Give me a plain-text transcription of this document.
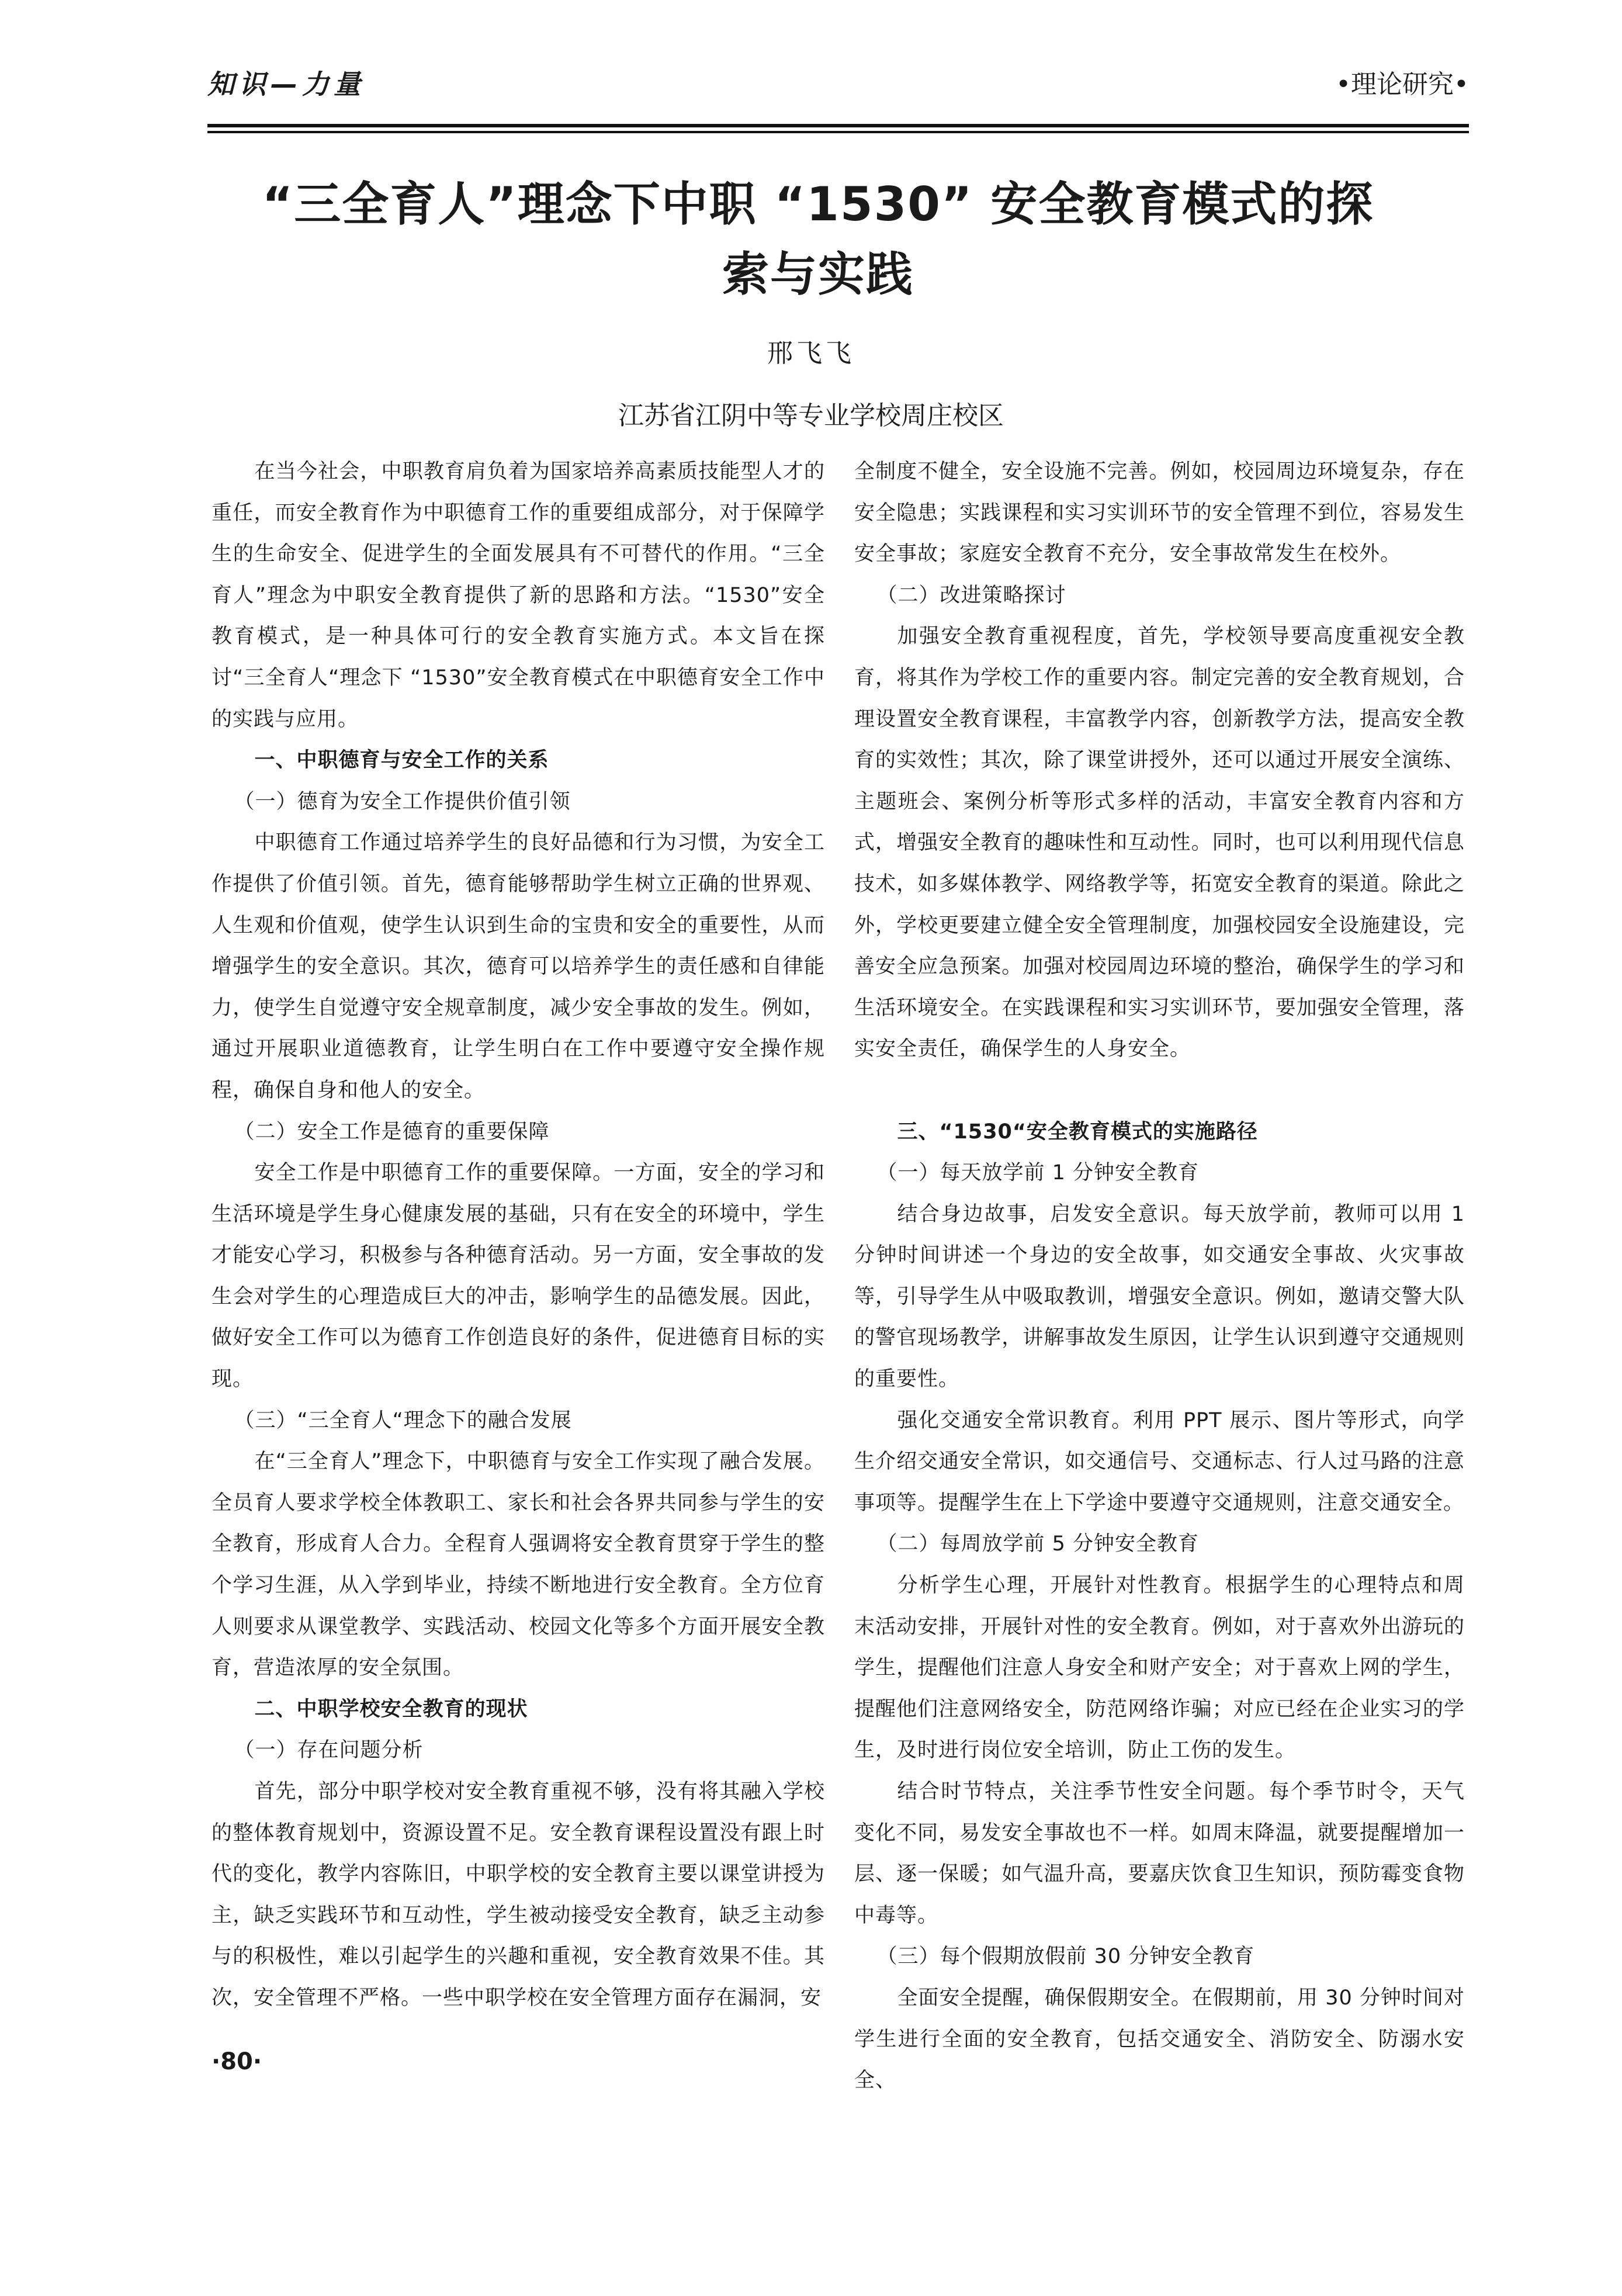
知识—力量	•理论研究•
“三全育人”理念下中职 “1530” 安全教育模式的探
索与实践
邢飞飞
江苏省江阴中等专业学校周庄校区

在当今社会，中职教育肩负着为国家培养高素质技能型人才的重任，而安全教育作为中职德育工作的重要组成部分，对于保障学生的生命安全、促进学生的全面发展具有不可替代的作用。“三全育人”理念为中职安全教育提供了新的思路和方法。“1530”安全教育模式，是一种具体可行的安全教育实施方式。本文旨在探讨“三全育人“理念下 “1530”安全教育模式在中职德育安全工作中的实践与应用。

一、中职德育与安全工作的关系

（一）德育为安全工作提供价值引领

中职德育工作通过培养学生的良好品德和行为习惯，为安全工作提供了价值引领。首先，德育能够帮助学生树立正确的世界观、人生观和价值观，使学生认识到生命的宝贵和安全的重要性，从而增强学生的安全意识。其次，德育可以培养学生的责任感和自律能力，使学生自觉遵守安全规章制度，减少安全事故的发生。例如，通过开展职业道德教育，让学生明白在工作中要遵守安全操作规程，确保自身和他人的安全。

（二）安全工作是德育的重要保障

安全工作是中职德育工作的重要保障。一方面，安全的学习和生活环境是学生身心健康发展的基础，只有在安全的环境中，学生才能安心学习，积极参与各种德育活动。另一方面，安全事故的发生会对学生的心理造成巨大的冲击，影响学生的品德发展。因此，做好安全工作可以为德育工作创造良好的条件，促进德育目标的实现。

（三）“三全育人“理念下的融合发展

在“三全育人”理念下，中职德育与安全工作实现了融合发展。全员育人要求学校全体教职工、家长和社会各界共同参与学生的安全教育，形成育人合力。全程育人强调将安全教育贯穿于学生的整个学习生涯，从入学到毕业，持续不断地进行安全教育。全方位育人则要求从课堂教学、实践活动、校园文化等多个方面开展安全教育，营造浓厚的安全氛围。

二、中职学校安全教育的现状

（一）存在问题分析

首先，部分中职学校对安全教育重视不够，没有将其融入学校的整体教育规划中，资源设置不足。安全教育课程设置没有跟上时代的变化，教学内容陈旧，中职学校的安全教育主要以课堂讲授为主，缺乏实践环节和互动性，学生被动接受安全教育，缺乏主动参与的积极性，难以引起学生的兴趣和重视，安全教育效果不佳。其次，安全管理不严格。一些中职学校在安全管理方面存在漏洞，安

全制度不健全，安全设施不完善。例如，校园周边环境复杂，存在安全隐患；实践课程和实习实训环节的安全管理不到位，容易发生安全事故；家庭安全教育不充分，安全事故常发生在校外。

（二）改进策略探讨

加强安全教育重视程度，首先，学校领导要高度重视安全教育，将其作为学校工作的重要内容。制定完善的安全教育规划，合理设置安全教育课程，丰富教学内容，创新教学方法，提高安全教育的实效性；其次，除了课堂讲授外，还可以通过开展安全演练、主题班会、案例分析等形式多样的活动，丰富安全教育内容和方式，增强安全教育的趣味性和互动性。同时，也可以利用现代信息技术，如多媒体教学、网络教学等，拓宽安全教育的渠道。除此之外，学校更要建立健全安全管理制度，加强校园安全设施建设，完善安全应急预案。加强对校园周边环境的整治，确保学生的学习和生活环境安全。在实践课程和实习实训环节，要加强安全管理，落实安全责任，确保学生的人身安全。

三、“1530“安全教育模式的实施路径

（一）每天放学前 1 分钟安全教育

结合身边故事，启发安全意识。每天放学前，教师可以用 1 分钟时间讲述一个身边的安全故事，如交通安全事故、火灾事故等，引导学生从中吸取教训，增强安全意识。例如，邀请交警大队的警官现场教学，讲解事故发生原因，让学生认识到遵守交通规则的重要性。

强化交通安全常识教育。利用 PPT 展示、图片等形式，向学生介绍交通安全常识，如交通信号、交通标志、行人过马路的注意事项等。提醒学生在上下学途中要遵守交通规则，注意交通安全。

（二）每周放学前 5 分钟安全教育

分析学生心理，开展针对性教育。根据学生的心理特点和周末活动安排，开展针对性的安全教育。例如，对于喜欢外出游玩的学生，提醒他们注意人身安全和财产安全；对于喜欢上网的学生，提醒他们注意网络安全，防范网络诈骗；对应已经在企业实习的学生，及时进行岗位安全培训，防止工伤的发生。

结合时节特点，关注季节性安全问题。每个季节时令，天气变化不同，易发安全事故也不一样。如周末降温，就要提醒增加一层、逐一保暖；如气温升高，要嘉庆饮食卫生知识，预防霉变食物中毒等。

（三）每个假期放假前 30 分钟安全教育

全面安全提醒，确保假期安全。在假期前，用 30 分钟时间对学生进行全面的安全教育，包括交通安全、消防安全、防溺水安全、

·80·
